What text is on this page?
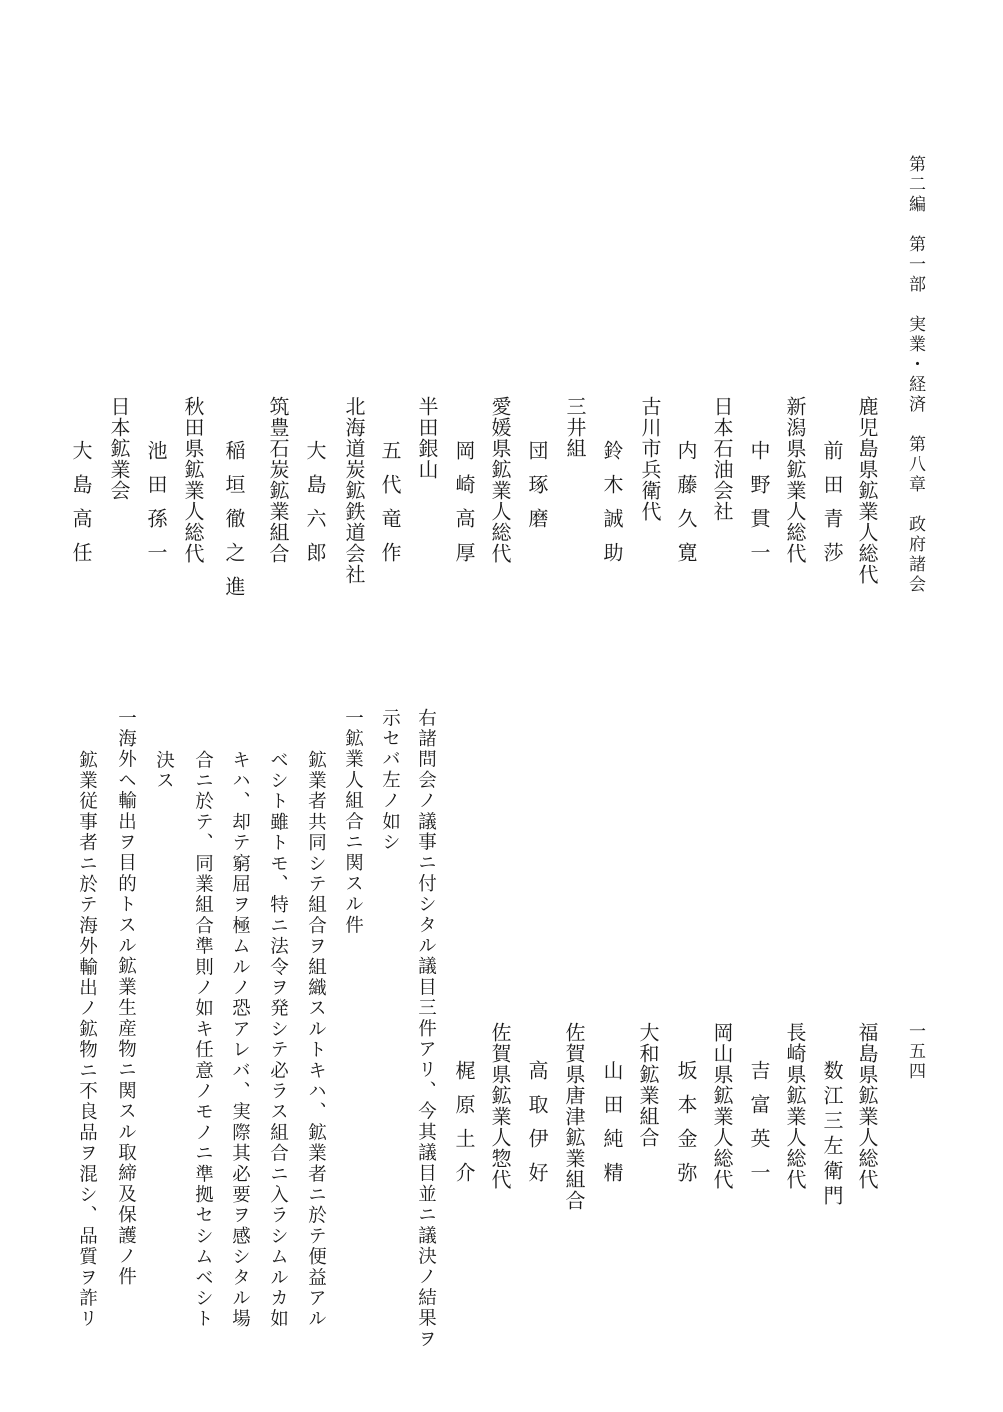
第二編　第一部　実業・経済　第八章　政府諸会
一五四
鹿児島県鉱業人総代
新潟県鉱業人総代
日本石油会社
古川市兵衛代
三井組
愛媛県鉱業人総代
半田銀山
北海道炭鉱鉄道会社
筑豊石炭鉱業組合
秋田県鉱業人総代
日本鉱業会	前田青莎
中野貫一
内藤久寛
鈴木誠助
団琢磨
岡崎高厚
五代竜作
大島六郎
稲垣徹之進
池田孫一
大島高任
福島県鉱業人総代
長崎県鉱業人総代
岡山県鉱業人総代
大和鉱業組合
佐賀県唐津鉱業組合
佐賀県鉱業人惣代	数江三左衛門
吉富英一
坂本金弥
山田純精
高取伊好
梶原土介
右諸問会ノ議事ニ付シタル議目三件アリ、今其議目並ニ議決ノ結果ヲ
示セバ左ノ如シ
一鉱業人組合ニ関スル件
鉱業者共同シテ組合ヲ組織スルトキハ、鉱業者ニ於テ便益アル
ベシト雖トモ、特ニ法令ヲ発シテ必ラス組合ニ入ラシムルカ如
キハ、却テ窮屈ヲ極ムルノ恐アレバ、実際其必要ヲ感シタル場
合ニ於テ、同業組合準則ノ如キ任意ノモノニ準拠セシムベシト
決ス
一海外ヘ輸出ヲ目的トスル鉱業生産物ニ関スル取締及保護ノ件
鉱業従事者ニ於テ海外輸出ノ鉱物ニ不良品ヲ混シ、品質ヲ詐リ
